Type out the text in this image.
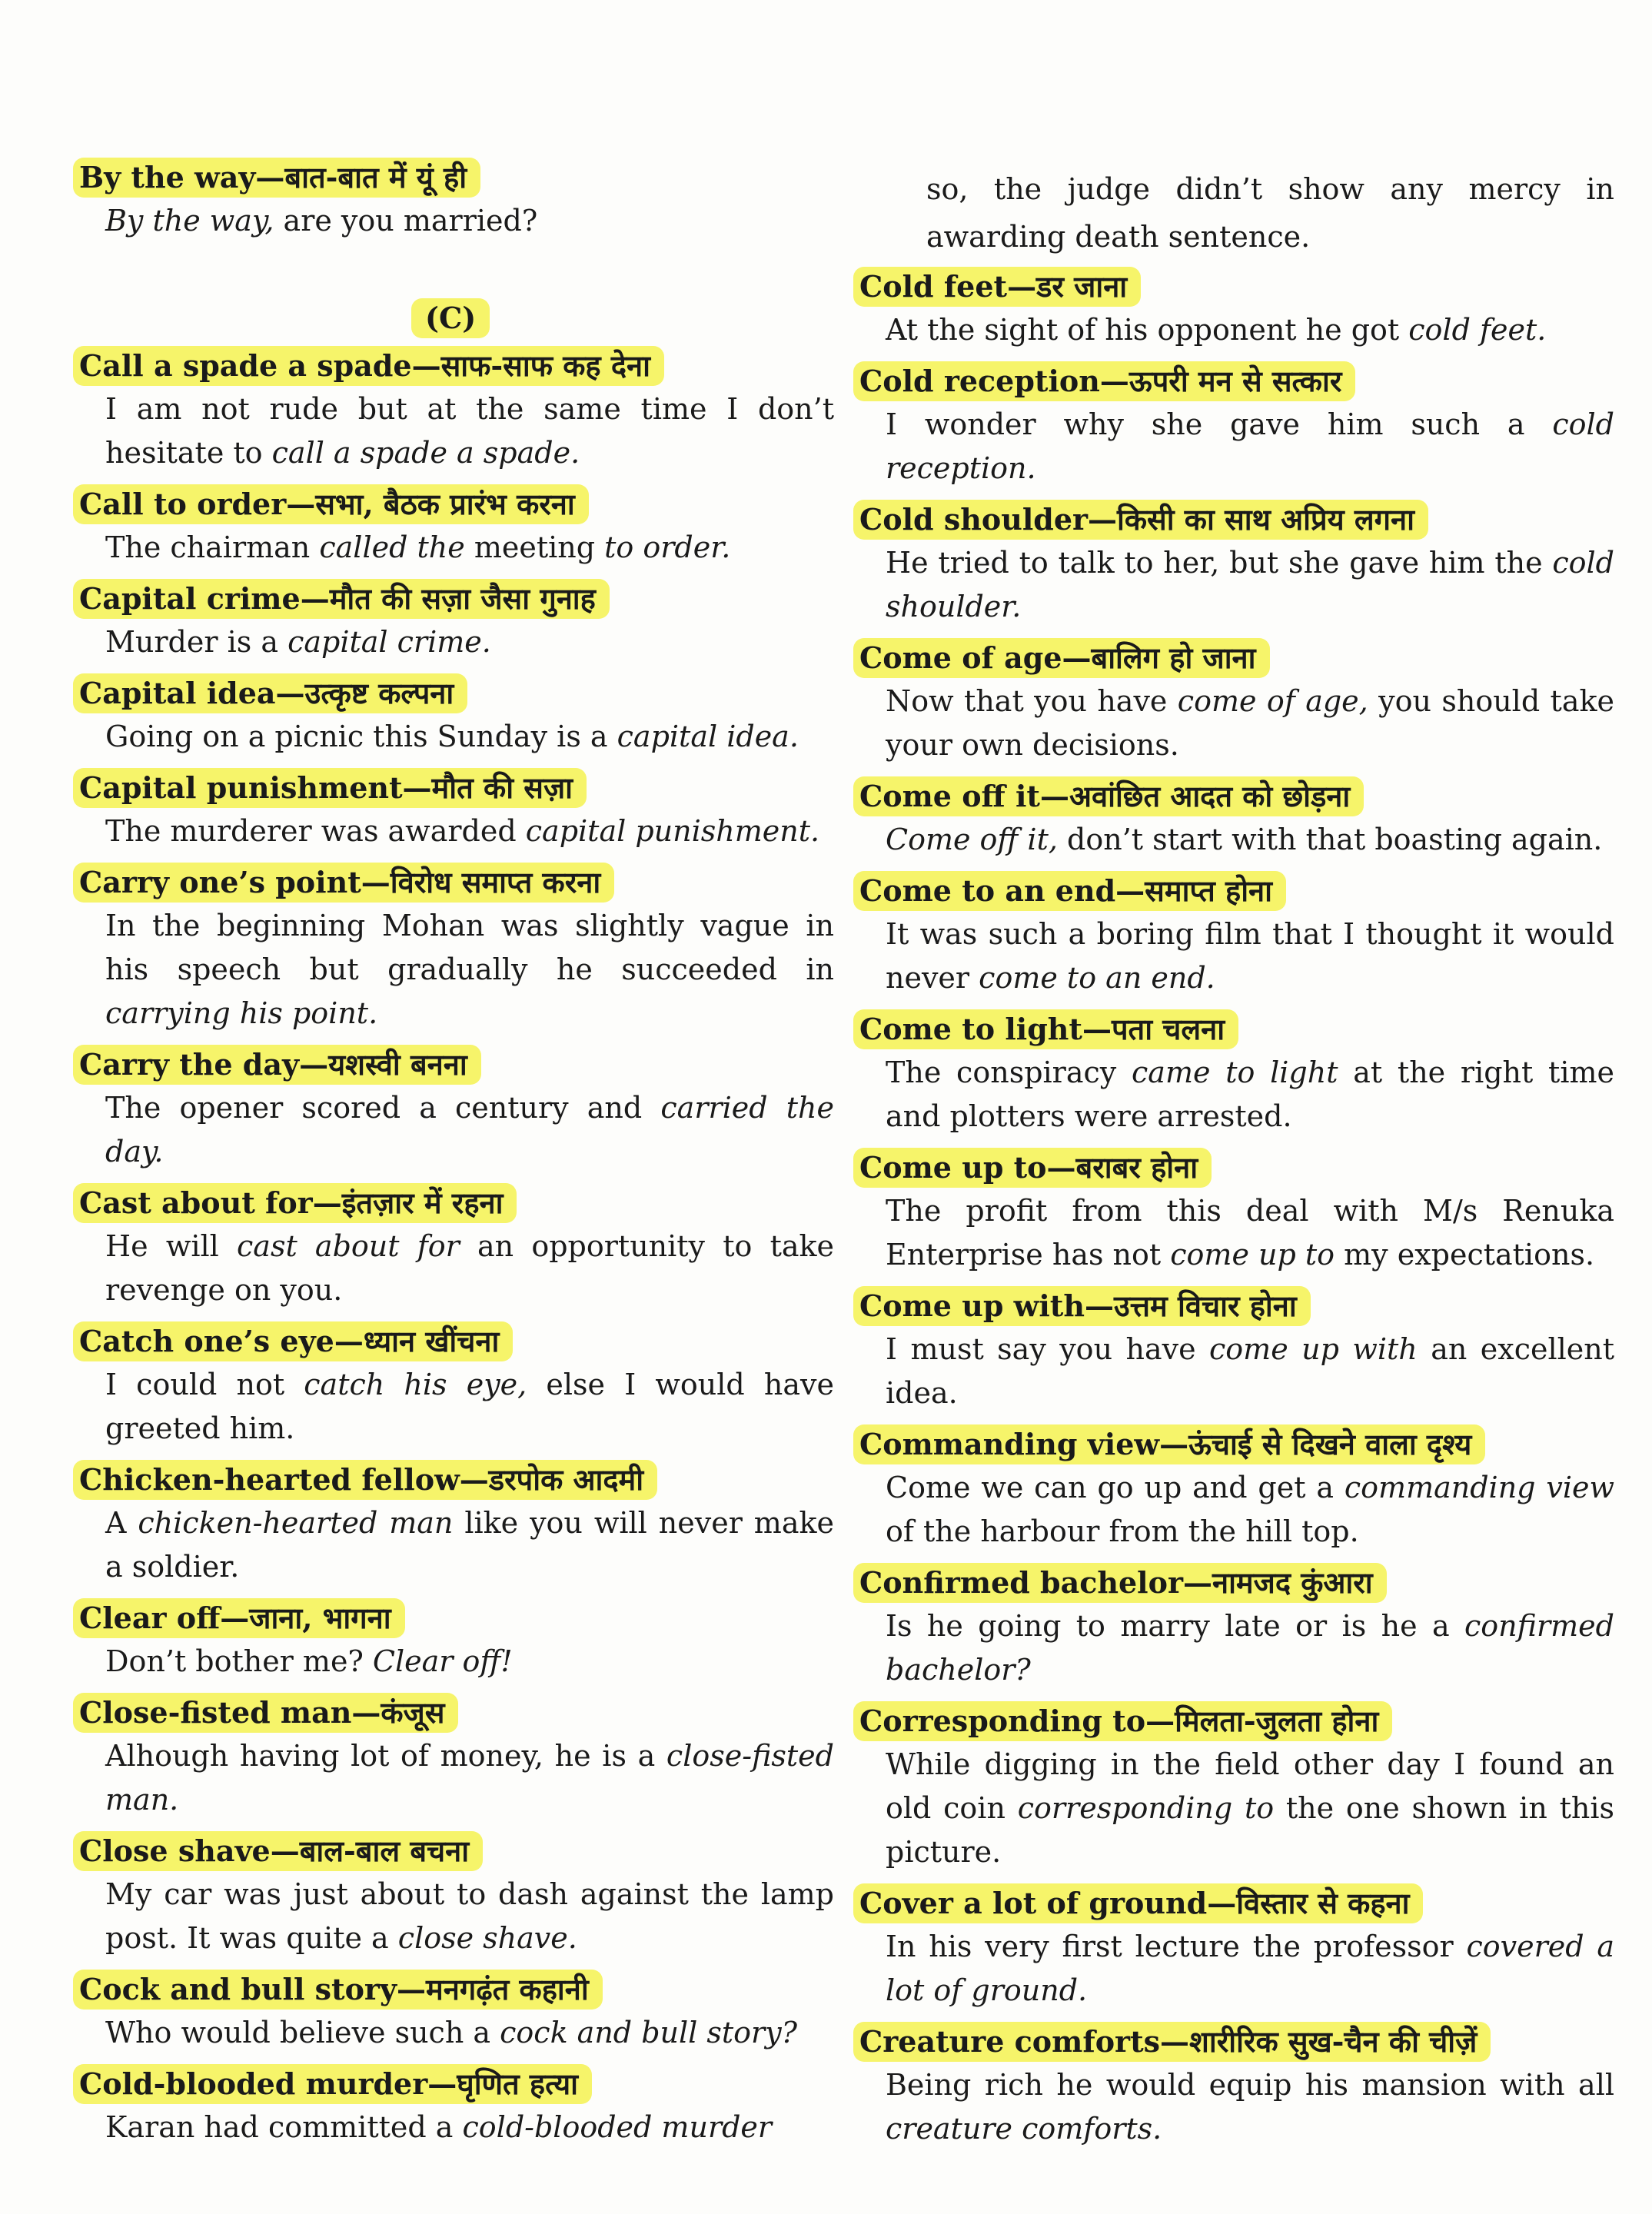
By the way—बात-बात में यूं ही
By the way, are you married?
(C)
Call a spade a spade—साफ-साफ कह देना
I am not rude but at the same time I don’t hesitate to call a spade a spade.
Call to order—सभा, बैठक प्रारंभ करना
The chairman called the meeting to order.
Capital crime—मौत की सज़ा जैसा गुनाह
Murder is a capital crime.
Capital idea—उत्कृष्ट कल्पना
Going on a picnic this Sunday is a capital idea.
Capital punishment—मौत की सज़ा
The murderer was awarded capital punishment.
Carry one’s point—विरोध समाप्त करना
In the beginning Mohan was slightly vague in his speech but gradually he succeeded in carrying his point.
Carry the day—यशस्वी बनना
The opener scored a century and carried the day.
Cast about for—इंतज़ार में रहना
He will cast about for an opportunity to take revenge on you.
Catch one’s eye—ध्यान खींचना
I could not catch his eye, else I would have greeted him.
Chicken-hearted fellow—डरपोक आदमी
A chicken-hearted man like you will never make a soldier.
Clear off—जाना, भागना
Don’t bother me? Clear off!
Close-fisted man—कंजूस
Alhough having lot of money, he is a close-fisted man.
Close shave—बाल-बाल बचना
My car was just about to dash against the lamp post. It was quite a close shave.
Cock and bull story—मनगढ़ंत कहानी
Who would believe such a cock and bull story?
Cold-blooded murder—घृणित हत्या
Karan had committed a cold-blooded murder
so, the judge didn’t show any mercy in awarding death sentence.
Cold feet—डर जाना
At the sight of his opponent he got cold feet.
Cold reception—ऊपरी मन से सत्कार
I wonder why she gave him such a cold reception.
Cold shoulder—किसी का साथ अप्रिय लगना
He tried to talk to her, but she gave him the cold shoulder.
Come of age—बालिग हो जाना
Now that you have come of age, you should take your own decisions.
Come off it—अवांछित आदत को छोड़ना
Come off it, don’t start with that boasting again.
Come to an end—समाप्त होना
It was such a boring film that I thought it would never come to an end.
Come to light—पता चलना
The conspiracy came to light at the right time and plotters were arrested.
Come up to—बराबर होना
The profit from this deal with M/s Renuka Enterprise has not come up to my expectations.
Come up with—उत्तम विचार होना
I must say you have come up with an excellent idea.
Commanding view—ऊंचाई से दिखने वाला दृश्य
Come we can go up and get a commanding view of the harbour from the hill top.
Confirmed bachelor—नामजद कुंआरा
Is he going to marry late or is he a confirmed bachelor?
Corresponding to—मिलता-जुलता होना
While digging in the field other day I found an old coin corresponding to the one shown in this picture.
Cover a lot of ground—विस्तार से कहना
In his very first lecture the professor covered a lot of ground.
Creature comforts—शारीरिक सुख-चैन की चीज़ें
Being rich he would equip his mansion with all creature comforts.
